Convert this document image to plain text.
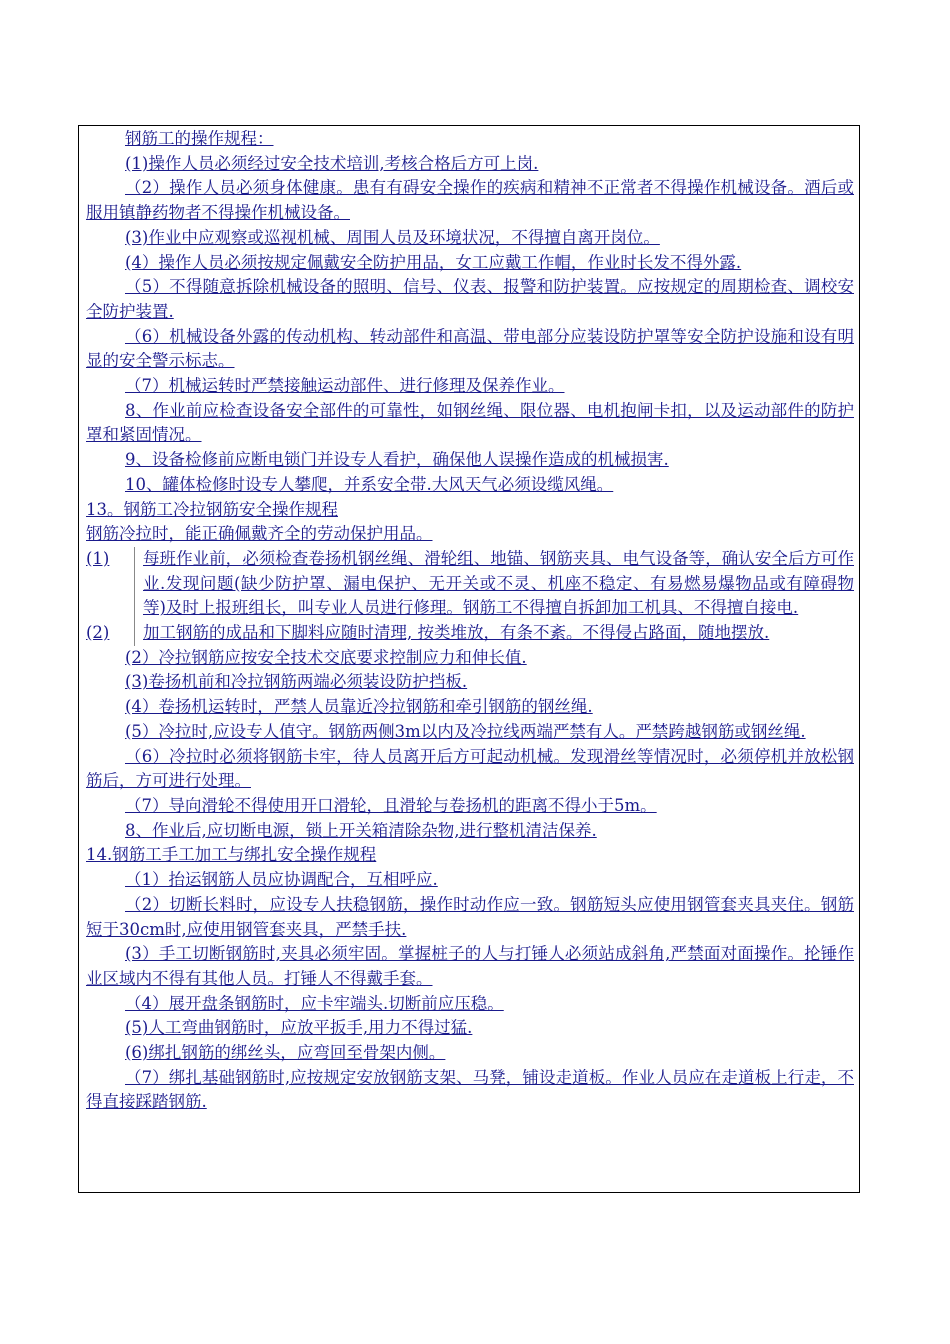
钢筋工的操作规程：

(1)操作人员必须经过安全技术培训,考核合格后方可上岗.

（2）操作人员必须身体健康。患有有碍安全操作的疾病和精神不正常者不得操作机械设备。酒后或服用镇静药物者不得操作机械设备。

(3)作业中应观察或巡视机械、周围人员及环境状况，不得擅自离开岗位。

(4）操作人员必须按规定佩戴安全防护用品，女工应戴工作帽，作业时长发不得外露.

（5）不得随意拆除机械设备的照明、信号、仪表、报警和防护装置。应按规定的周期检查、调校安全防护装置.

（6）机械设备外露的传动机构、转动部件和高温、带电部分应装设防护罩等安全防护设施和设有明显的安全警示标志。

（7）机械运转时严禁接触运动部件、进行修理及保养作业。

8、作业前应检查设备安全部件的可靠性，如钢丝绳、限位器、电机抱闸卡扣，以及运动部件的防护罩和紧固情况。

9、设备检修前应断电锁门并设专人看护，确保他人误操作造成的机械损害.

10、罐体检修时设专人攀爬，并系安全带.大风天气必须设缆风绳。

13。钢筋工冷拉钢筋安全操作规程

钢筋冷拉时，能正确佩戴齐全的劳动保护用品。

(1)	每班作业前，必须检查卷扬机钢丝绳、滑轮组、地锚、钢筋夹具、电气设备等，确认安全后方可作业.发现问题(缺少防护罩、漏电保护、无开关或不灵、机座不稳定、有易燃易爆物品或有障碍物等)及时上报班组长，叫专业人员进行修理。钢筋工不得擅自拆卸加工机具、不得擅自接电.
(2)	加工钢筋的成品和下脚料应随时清理, 按类堆放，有条不紊。不得侵占路面，随地摆放.

(2）冷拉钢筋应按安全技术交底要求控制应力和伸长值.

(3)卷扬机前和冷拉钢筋两端必须装设防护挡板.

(4）卷扬机运转时，严禁人员靠近冷拉钢筋和牵引钢筋的钢丝绳.

(5）冷拉时,应设专人值守。钢筋两侧3m以内及冷拉线两端严禁有人。严禁跨越钢筋或钢丝绳.

（6）冷拉时必须将钢筋卡牢，待人员离开后方可起动机械。发现滑丝等情况时，必须停机并放松钢筋后，方可进行处理。

（7）导向滑轮不得使用开口滑轮，且滑轮与卷扬机的距离不得小于5m。

8、作业后,应切断电源，锁上开关箱清除杂物,进行整机清洁保养.

14.钢筋工手工加工与绑扎安全操作规程

（1）抬运钢筋人员应协调配合，互相呼应.

（2）切断长料时，应设专人扶稳钢筋，操作时动作应一致。钢筋短头应使用钢管套夹具夹住。钢筋短于30cm时,应使用钢管套夹具，严禁手扶.

(3）手工切断钢筋时,夹具必须牢固。掌握桩子的人与打锤人必须站成斜角,严禁面对面操作。抡锤作业区域内不得有其他人员。打锤人不得戴手套。

（4）展开盘条钢筋时，应卡牢端头.切断前应压稳。

(5)人工弯曲钢筋时，应放平扳手,用力不得过猛.

(6)绑扎钢筋的绑丝头，应弯回至骨架内侧。

（7）绑扎基础钢筋时,应按规定安放钢筋支架、马凳，铺设走道板。作业人员应在走道板上行走，不得直接踩踏钢筋.
